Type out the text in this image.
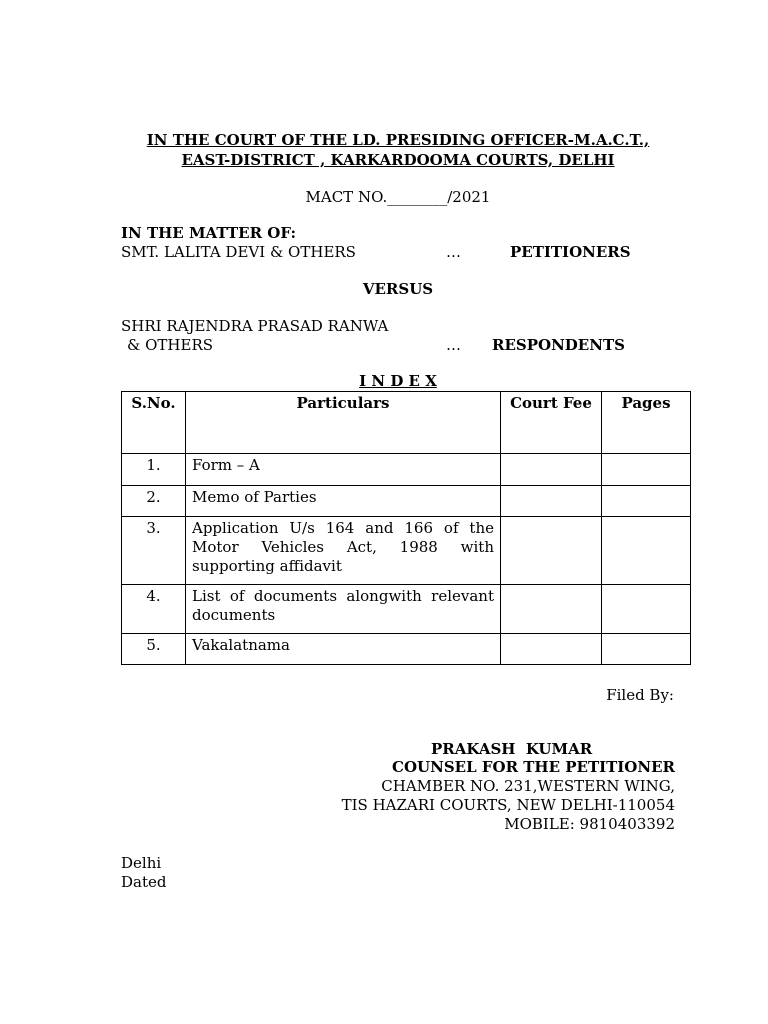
IN THE COURT OF THE LD. PRESIDING OFFICER-M.A.C.T.,
EAST-DISTRICT , KARKARDOOMA COURTS, DELHI
MACT NO.________/2021
IN THE MATTER OF:
SMT. LALITA DEVI & OTHERS	…	PETITIONERS
VERSUS
SHRI RAJENDRA PRASAD RANWA
& OTHERS	… RESPONDENTS
I N D E X
S.No.	Particulars	Court Fee	Pages
1.	Form – A		
2.	Memo of Parties		
3.	Application U/s 164 and 166 of the Motor Vehicles Act, 1988 with supporting affidavit		
4.	List of documents alongwith relevant documents		
5.	Vakalatnama		
Filed By:
PRAKASH  KUMAR
COUNSEL FOR THE PETITIONER
CHAMBER NO. 231,WESTERN WING,
TIS HAZARI COURTS, NEW DELHI-110054
MOBILE: 9810403392
Delhi
Dated
